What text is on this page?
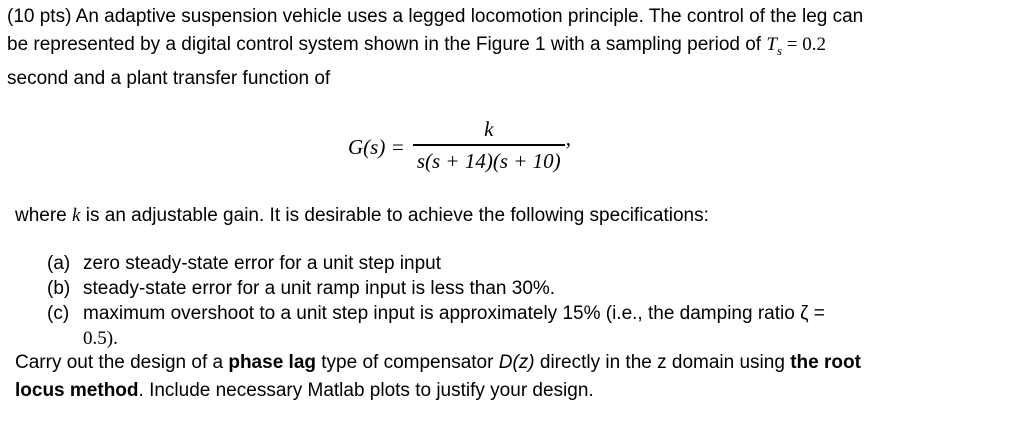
(10 pts) An adaptive suspension vehicle uses a legged locomotion principle. The control of the leg can

be represented by a digital control system shown in the Figure 1 with a sampling period of $T_s = 0.2$

second and a plant transfer function of

$G(s) = \frac{k}{s(s + 14)(s + 10)}$ ,
where k is an adjustable gain. It is desirable to achieve the following specifications:
(a) zero steady-state error for a unit step input
(b) steady-state error for a unit ramp input is less than 30%.
(c) maximum overshoot to a unit step input is approximately 15% (i.e., the damping ratio ζ =
0.5).

Carry out the design of a phase lag type of compensator D(z) directly in the z domain using the root

locus method. Include necessary Matlab plots to justify your design.
